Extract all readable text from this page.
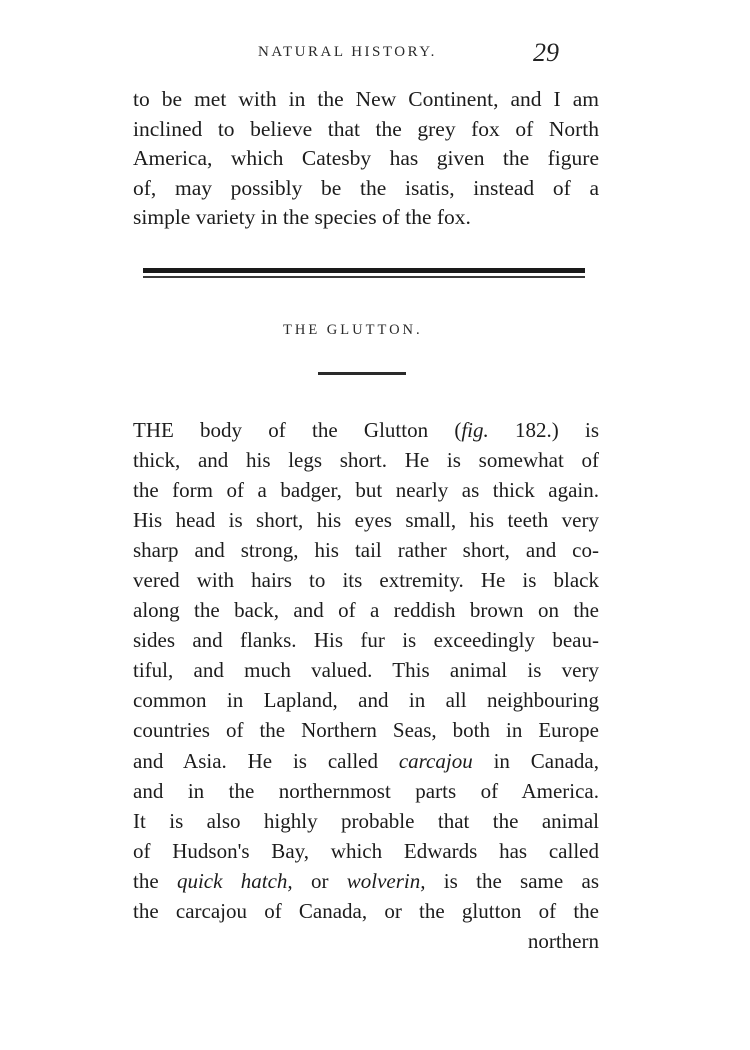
NATURAL HISTORY.	29
to be met with in the New Continent, and I am
inclined to believe that the grey fox of North
America, which Catesby has given the figure
of, may possibly be the isatis, instead of a
simple variety in the species of the fox.
THE GLUTTON.
THE body of the Glutton (fig. 182.) is
thick, and his legs short. He is somewhat of
the form of a badger, but nearly as thick again.
His head is short, his eyes small, his teeth very
sharp and strong, his tail rather short, and co-
vered with hairs to its extremity. He is black
along the back, and of a reddish brown on the
sides and flanks. His fur is exceedingly beau-
tiful, and much valued. This animal is very
common in Lapland, and in all neighbouring
countries of the Northern Seas, both in Europe
and Asia. He is called carcajou in Canada,
and in the northernmost parts of America.
It is also highly probable that the animal
of Hudson's Bay, which Edwards has called
the quick hatch, or wolverin, is the same as
the carcajou of Canada, or the glutton of the
northern
